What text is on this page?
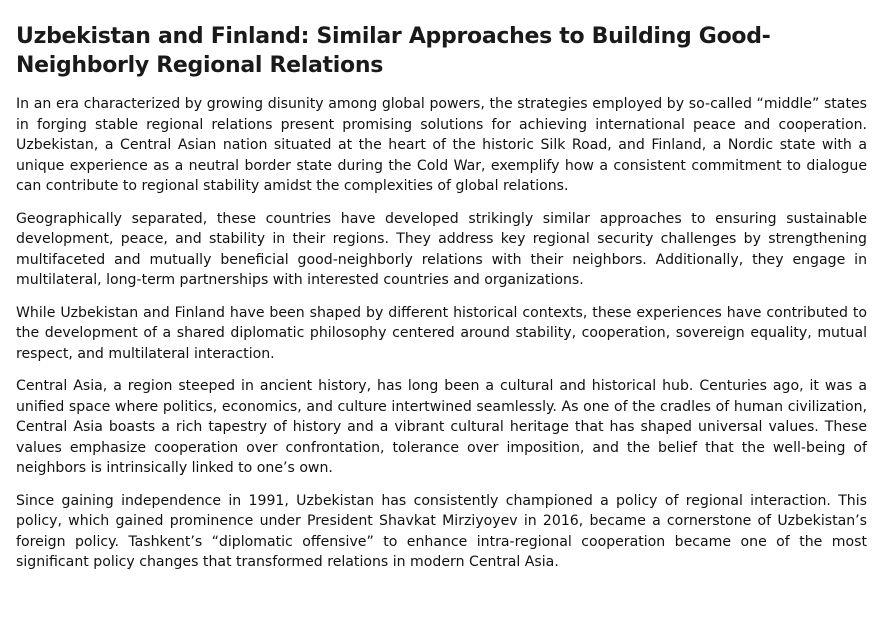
Uzbekistan and Finland: Similar Approaches to Building Good-Neighborly Regional Relations

In an era characterized by growing disunity among global powers, the strategies employed by so-called “middle” states in forging stable regional relations present promising solutions for achieving international peace and cooperation. Uzbekistan, a Central Asian nation situated at the heart of the historic Silk Road, and Finland, a Nordic state with a unique experience as a neutral border state during the Cold War, exemplify how a consistent commitment to dialogue can contribute to regional stability amidst the complexities of global relations.

Geographically separated, these countries have developed strikingly similar approaches to ensuring sustainable development, peace, and stability in their regions. They address key regional security challenges by strengthening multifaceted and mutually beneficial good-neighborly relations with their neighbors. Additionally, they engage in multilateral, long-term partnerships with interested countries and organizations.

While Uzbekistan and Finland have been shaped by different historical contexts, these experiences have contributed to the development of a shared diplomatic philosophy centered around stability, cooperation, sovereign equality, mutual respect, and multilateral interaction.

Central Asia, a region steeped in ancient history, has long been a cultural and historical hub. Centuries ago, it was a unified space where politics, economics, and culture intertwined seamlessly. As one of the cradles of human civilization, Central Asia boasts a rich tapestry of history and a vibrant cultural heritage that has shaped universal values. These values emphasize cooperation over confrontation, tolerance over imposition, and the belief that the well-being of neighbors is intrinsically linked to one’s own.

Since gaining independence in 1991, Uzbekistan has consistently championed a policy of regional interaction. This policy, which gained prominence under President Shavkat Mirziyoyev in 2016, became a cornerstone of Uzbekistan’s foreign policy. Tashkent’s “diplomatic offensive” to enhance intra-regional cooperation became one of the most significant policy changes that transformed relations in modern Central Asia.
